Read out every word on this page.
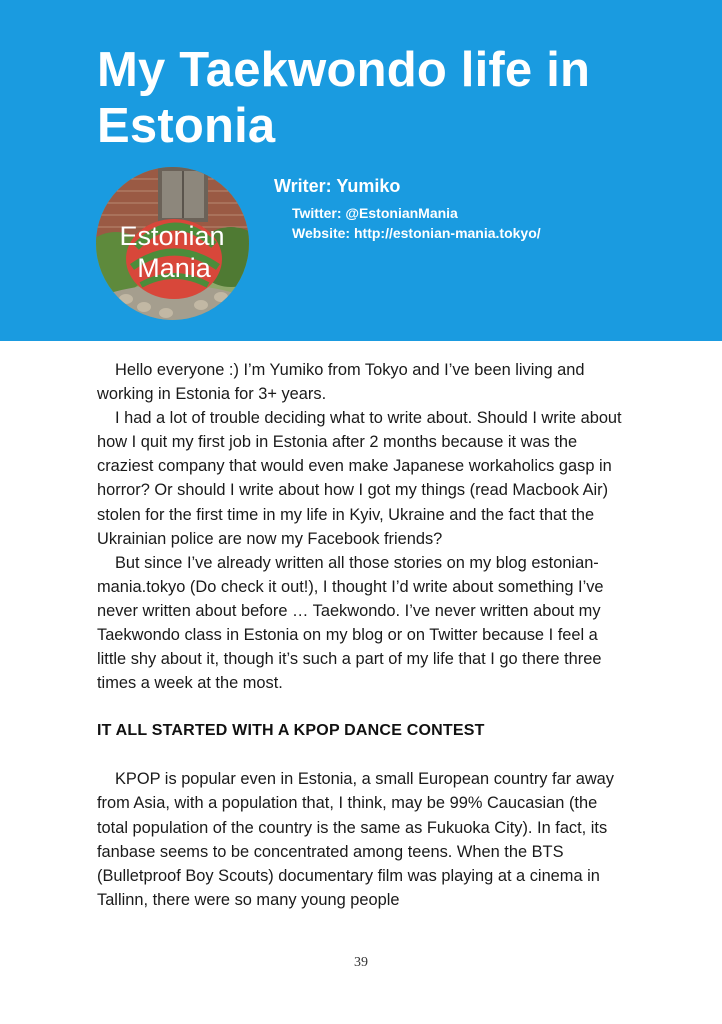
My Taekwondo life in Estonia
Estonian
Mania

Writer: Yumiko

Twitter: @EstonianMania

Website: http://estonian-mania.tokyo/

Hello everyone :) I’m Yumiko from Tokyo and I’ve been living and working in Estonia for 3+ years.

I had a lot of trouble deciding what to write about. Should I write about how I quit my first job in Estonia after 2 months because it was the craziest company that would even make Japanese workaholics gasp in horror? Or should I write about how I got my things (read Macbook Air) stolen for the first time in my life in Kyiv, Ukraine and the fact that the Ukrainian police are now my Facebook friends?

But since I’ve already written all those stories on my blog estonian-mania.tokyo (Do check it out!), I thought I’d write about something I’ve never written about before … Taekwondo. I’ve never written about my Taekwondo class in Estonia on my blog or on Twitter because I feel a little shy about it, though it’s such a part of my life that I go there three times a week at the most.

IT ALL STARTED WITH A KPOP DANCE CONTEST

KPOP is popular even in Estonia, a small European country far away from Asia, with a population that, I think, may be 99% Caucasian (the total population of the country is the same as Fukuoka City). In fact, its fanbase seems to be concentrated among teens. When the BTS (Bulletproof Boy Scouts) documentary film was playing at a cinema in Tallinn, there were so many young people

39
